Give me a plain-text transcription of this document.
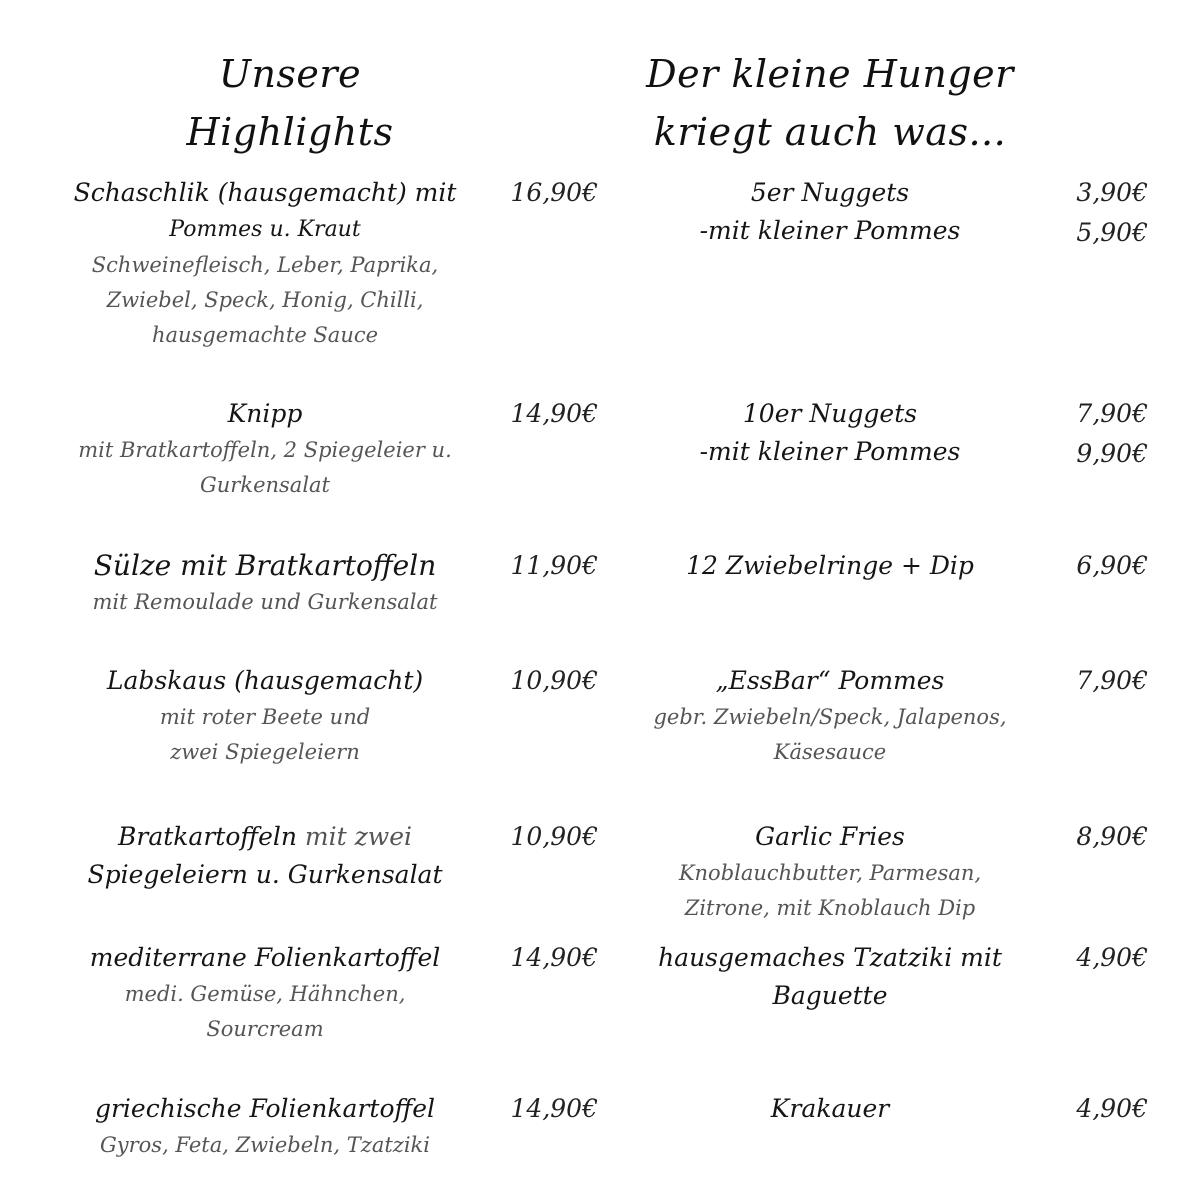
Unsere
Highlights
Der kleine Hunger
kriegt auch was...
Schaschlik (hausgemacht) mit
Pommes u. Kraut
Schweinefleisch, Leber, Paprika,
Zwiebel, Speck, Honig, Chilli,
hausgemachte Sauce
16,90€
Knipp
mit Bratkartoffeln, 2 Spiegeleier u.
Gurkensalat
14,90€
Sülze mit Bratkartoffeln
mit Remoulade und Gurkensalat
11,90€
Labskaus (hausgemacht)
mit roter Beete und
zwei Spiegeleiern
10,90€
Bratkartoffeln mit zwei
Spiegeleiern u. Gurkensalat
10,90€
mediterrane Folienkartoffel
medi. Gemüse, Hähnchen,
Sourcream
14,90€
griechische Folienkartoffel
Gyros, Feta, Zwiebeln, Tzatziki
14,90€
5er Nuggets
-mit kleiner Pommes
3,90€
5,90€
10er Nuggets
-mit kleiner Pommes
7,90€
9,90€
12 Zwiebelringe + Dip	6,90€
„EssBar“ Pommes
gebr. Zwiebeln/Speck, Jalapenos,
Käsesauce
7,90€
Garlic Fries
Knoblauchbutter, Parmesan,
Zitrone, mit Knoblauch Dip
8,90€
hausgemaches Tzatziki mit
Baguette
4,90€
Krakauer	4,90€
